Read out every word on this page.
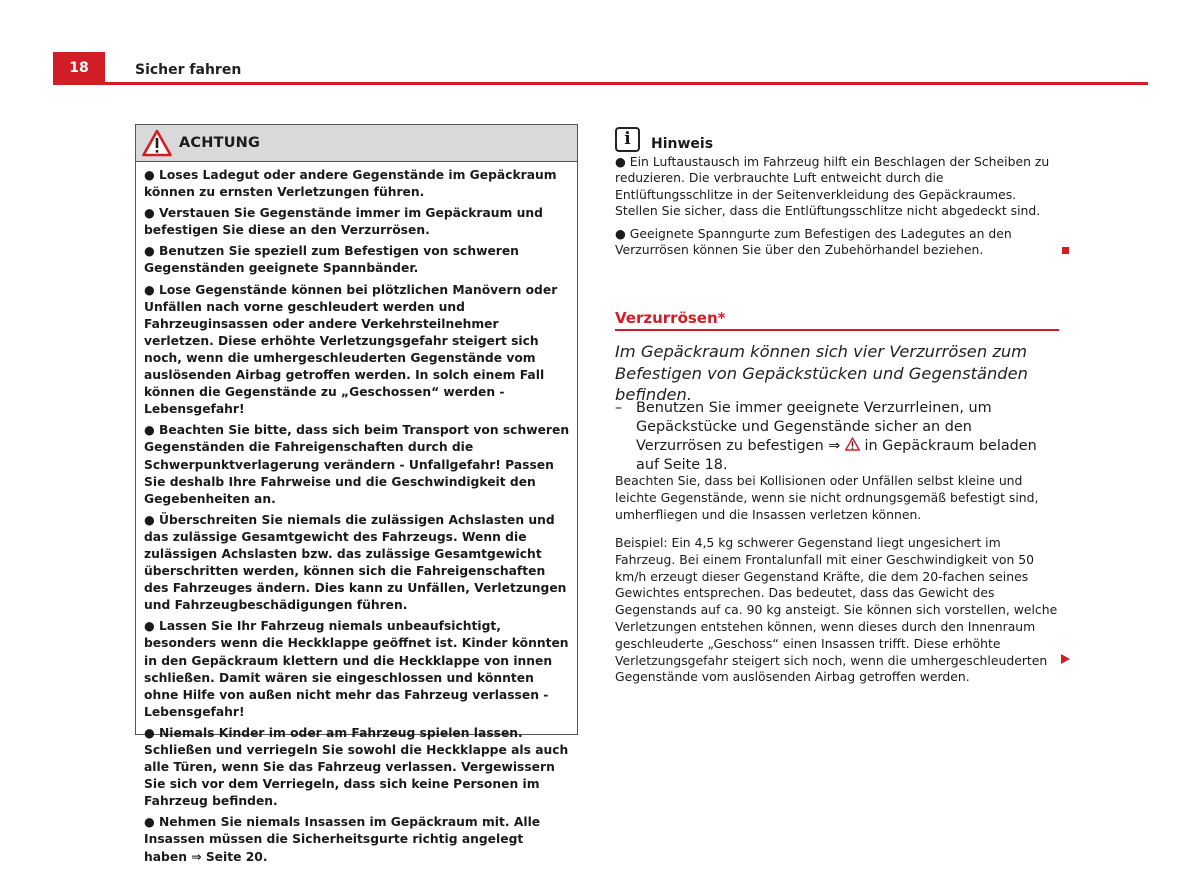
18	Sicher fahren
ACHTUNG

● Loses Ladegut oder andere Gegenstände im Gepäckraum können zu ernsten Verletzungen führen.

● Verstauen Sie Gegenstände immer im Gepäckraum und befestigen Sie diese an den Verzurrösen.

● Benutzen Sie speziell zum Befestigen von schweren Gegenständen geeignete Spannbänder.

● Lose Gegenstände können bei plötzlichen Manövern oder Unfällen nach vorne geschleudert werden und Fahrzeuginsassen oder andere Verkehrsteilnehmer verletzen. Diese erhöhte Verletzungsgefahr steigert sich noch, wenn die umhergeschleuderten Gegenstände vom auslösenden Airbag getroffen werden. In solch einem Fall können die Gegenstände zu „Geschossen“ werden - Lebensgefahr!

● Beachten Sie bitte, dass sich beim Transport von schweren Gegenständen die Fahreigenschaften durch die Schwerpunktverlagerung verändern - Unfallgefahr! Passen Sie deshalb Ihre Fahrweise und die Geschwindigkeit den Gegebenheiten an.

● Überschreiten Sie niemals die zulässigen Achslasten und das zulässige Gesamtgewicht des Fahrzeugs. Wenn die zulässigen Achslasten bzw. das zulässige Gesamtgewicht überschritten werden, können sich die Fahreigenschaften des Fahrzeuges ändern. Dies kann zu Unfällen, Verletzungen und Fahrzeugbeschädigungen führen.

● Lassen Sie Ihr Fahrzeug niemals unbeaufsichtigt, besonders wenn die Heckklappe geöffnet ist. Kinder könnten in den Gepäckraum klettern und die Heckklappe von innen schließen. Damit wären sie eingeschlossen und könnten ohne Hilfe von außen nicht mehr das Fahrzeug verlassen - Lebensgefahr!

● Niemals Kinder im oder am Fahrzeug spielen lassen. Schließen und verriegeln Sie sowohl die Heckklappe als auch alle Türen, wenn Sie das Fahrzeug verlassen. Vergewissern Sie sich vor dem Verriegeln, dass sich keine Personen im Fahrzeug befinden.

● Nehmen Sie niemals Insassen im Gepäckraum mit. Alle Insassen müssen die Sicherheitsgurte richtig angelegt haben ⇒ Seite 20.

i	Hinweis

● Ein Luftaustausch im Fahrzeug hilft ein Beschlagen der Scheiben zu reduzieren. Die verbrauchte Luft entweicht durch die Entlüftungsschlitze in der Seitenverkleidung des Gepäckraumes. Stellen Sie sicher, dass die Entlüftungsschlitze nicht abgedeckt sind.

● Geeignete Spanngurte zum Befestigen des Ladegutes an den Verzurrösen können Sie über den Zubehörhandel beziehen.

Verzurrösen*
Im Gepäckraum können sich vier Verzurrösen zum Befestigen von Gepäckstücken und Gegenständen befinden.
– Benutzen Sie immer geeignete Verzurrleinen, um Gepäckstücke und Gegenstände sicher an den Verzurrösen zu befestigen ⇒ in Gepäckraum beladen auf Seite 18.

Beachten Sie, dass bei Kollisionen oder Unfällen selbst kleine und leichte Gegenstände, wenn sie nicht ordnungsgemäß befestigt sind, umherfliegen und die Insassen verletzen können.

Beispiel: Ein 4,5 kg schwerer Gegenstand liegt ungesichert im Fahrzeug. Bei einem Frontalunfall mit einer Geschwindigkeit von 50 km/h erzeugt dieser Gegenstand Kräfte, die dem 20-fachen seines Gewichtes entsprechen. Das bedeutet, dass das Gewicht des Gegenstands auf ca. 90 kg ansteigt. Sie können sich vorstellen, welche Verletzungen entstehen können, wenn dieses durch den Innenraum geschleuderte „Geschoss“ einen Insassen trifft. Diese erhöhte Verletzungsgefahr steigert sich noch, wenn die umhergeschleuderten Gegenstände vom auslösenden Airbag getroffen werden.
